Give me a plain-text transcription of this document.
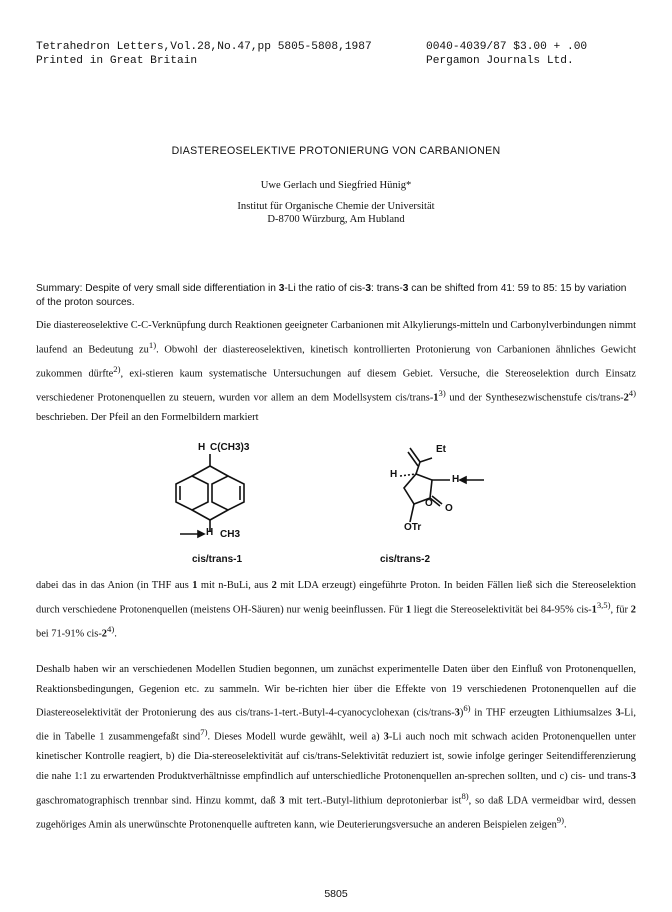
Tetrahedron Letters,Vol.28,No.47,pp 5805-5808,1987
Printed in Great Britain
0040-4039/87 $3.00 + .00
Pergamon Journals Ltd.
DIASTEREOSELEKTIVE PROTONIERUNG VON CARBANIONEN
Uwe Gerlach und Siegfried Hünig*
Institut für Organische Chemie der Universität
D-8700 Würzburg, Am Hubland
Summary: Despite of very small side differentiation in 3-Li the ratio of cis-3: trans-3 can be shifted from 41: 59 to 85: 15 by variation of the proton sources.
Die diastereoselektive C-C-Verknüpfung durch Reaktionen geeigneter Carbanionen mit Alkylierungs-mitteln und Carbonylverbindungen nimmt laufend an Bedeutung $zu^{1)}$. Obwohl der diastereoselektiven, kinetisch kontrollierten Protonierung von Carbanionen ähnliches Gewicht zukommen dürfte$^{2)}$, exi-stieren kaum systematische Untersuchungen auf diesem Gebiet. Versuche, die Stereoselektion durch Einsatz verschiedener Protonenquellen zu steuern, wurden vor allem an dem Modellsystem cis/trans-1$^{3)}$ und der Synthesezwischenstufe cis/trans-2$^{4)}$ beschrieben. Der Pfeil an den Formelbildern markiert
H C(CH3)3
H CH3
cis/trans-1
Et
H	H
O O
OTr
cis/trans-2
dabei das in das Anion (in THF aus 1 mit n-BuLi, aus 2 mit LDA erzeugt) eingeführte Proton. In beiden Fällen ließ sich die Stereoselektion durch verschiedene Protonenquellen (meistens OH-Säuren) nur wenig beeinflussen. Für 1 liegt die Stereoselektivität bei 84-95% cis-1$^{3,5)}$, für 2 bei 71-91% cis-2$^{4)}$.
Deshalb haben wir an verschiedenen Modellen Studien begonnen, um zunächst experimentelle Daten über den Einfluß von Protonenquellen, Reaktionsbedingungen, Gegenion etc. zu sammeln. Wir be-richten hier über die Effekte von 19 verschiedenen Protonenquellen auf die Diastereoselektivität der Protonierung des aus cis/trans-1-tert.-Butyl-4-cyanocyclohexan (cis/trans-3)$^{6)}$ in THF erzeugten Lithiumsalzes 3-Li, die in Tabelle 1 zusammengefaßt sind$^{7)}$. Dieses Modell wurde gewählt, weil a) 3-Li auch noch mit schwach aciden Protonenquellen unter kinetischer Kontrolle reagiert, b) die Dia-stereoselektivität auf cis/trans-Selektivität reduziert ist, sowie infolge geringer Seitendifferenzierung die nahe 1:1 zu erwartenden Produktverhältnisse empfindlich auf unterschiedliche Protonenquellen an-sprechen sollten, und c) cis- und trans-3 gaschromatographisch trennbar sind. Hinzu kommt, daß 3 mit tert.-Butyl-lithium deprotonierbar ist$^{8)}$, so daß LDA vermeidbar wird, dessen zugehöriges Amin als unerwünschte Protonenquelle auftreten kann, wie Deuterierungsversuche an anderen Beispielen zeigen$^{9)}$.
5805
